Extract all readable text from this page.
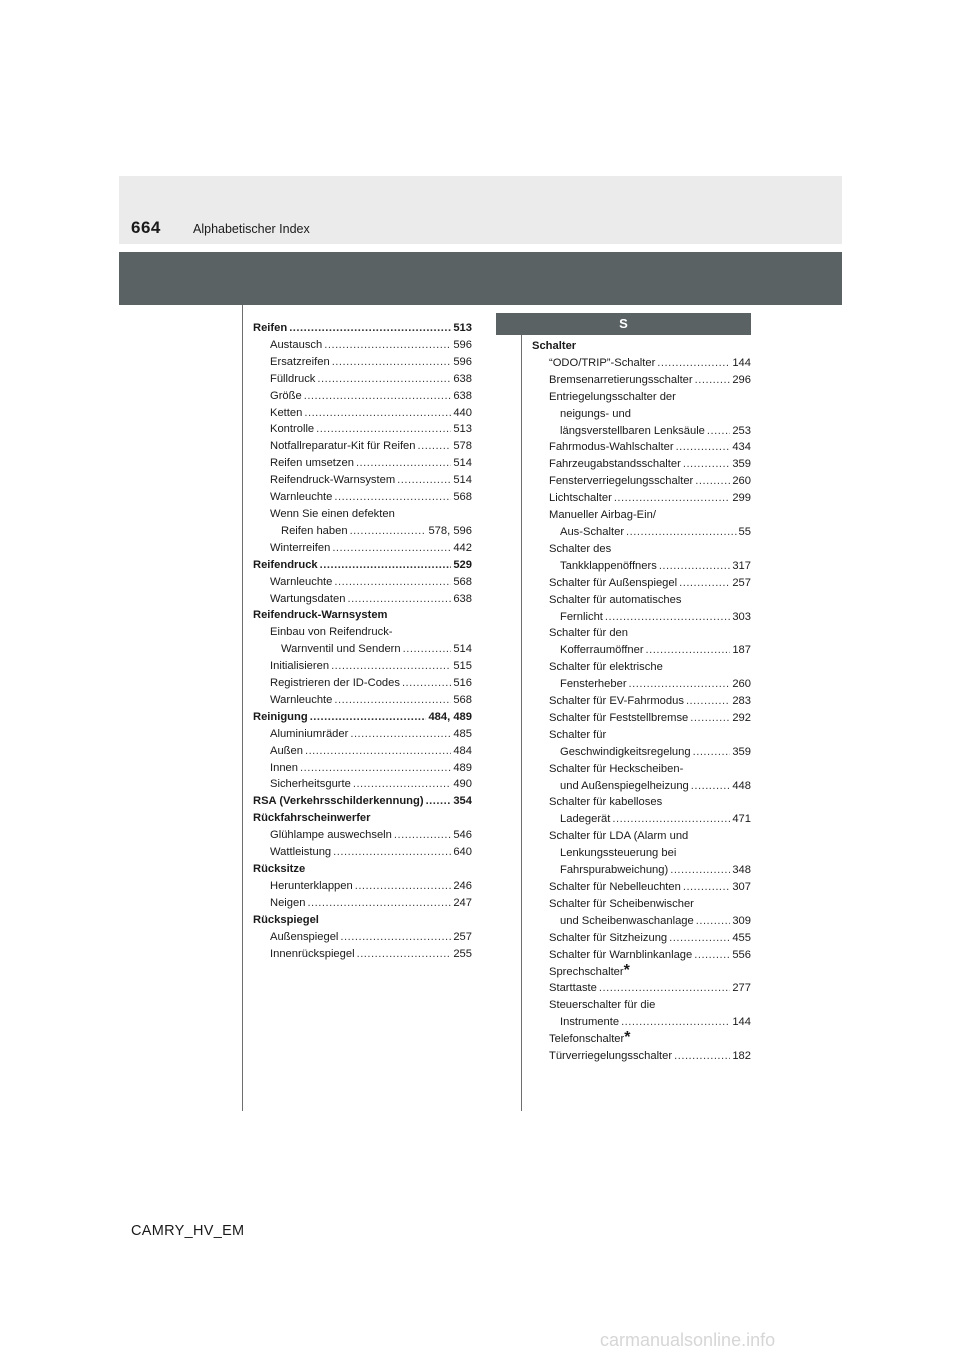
664	Alphabetischer Index
Reifen .....	513
Austausch .....	596
Ersatzreifen .....	596
Fülldruck .....	638
Größe .....	638
Ketten .....	440
Kontrolle .....	513
Notfallreparatur-Kit für Reifen .....	578
Reifen umsetzen .....	514
Reifendruck-Warnsystem .....	514
Warnleuchte .....	568
Wenn Sie einen defekten
Reifen haben .....	578, 596
Winterreifen .....	442
Reifendruck .....	529
Warnleuchte .....	568
Wartungsdaten .....	638
Reifendruck-Warnsystem
Einbau von Reifendruck-
Warnventil und Sendern .....	514
Initialisieren .....	515
Registrieren der ID-Codes .....	516
Warnleuchte .....	568
Reinigung .....	484, 489
Aluminiumräder .....	485
Außen .....	484
Innen .....	489
Sicherheitsgurte .....	490
RSA (Verkehrsschilderkennung) .....	354
Rückfahrscheinwerfer
Glühlampe auswechseln .....	546
Wattleistung .....	640
Rücksitze
Herunterklappen .....	246
Neigen .....	247
Rückspiegel
Außenspiegel .....	257
Innenrückspiegel .....	255
S
Schalter
“ODO/TRIP”-Schalter .....	144
Bremsenarretierungsschalter .....	296
Entriegelungsschalter der
neigungs- und
längsverstellbaren Lenksäule ..... 253
Fahrmodus-Wahlschalter .....	434
Fahrzeugabstandsschalter .....	359
Fensterverriegelungsschalter .....	260
Lichtschalter .....	299
Manueller Airbag-Ein/
Aus-Schalter .....	55
Schalter des
Tankklappenöffners .....	317
Schalter für Außenspiegel .....	257
Schalter für automatisches
Fernlicht .....	303
Schalter für den
Kofferraumöffner .....	187
Schalter für elektrische
Fensterheber .....	260
Schalter für EV-Fahrmodus .....	283
Schalter für Feststellbremse .....	292
Schalter für
Geschwindigkeitsregelung .....	359
Schalter für Heckscheiben-
und Außenspiegelheizung .....	448
Schalter für kabelloses
Ladegerät .....	471
Schalter für LDA (Alarm und
Lenkungssteuerung bei
Fahrspurabweichung) .....	348
Schalter für Nebelleuchten .....	307
Schalter für Scheibenwischer
und Scheibenwaschanlage .....	309
Schalter für Sitzheizung .....	455
Schalter für Warnblinkanlage .....	556
Sprechschalter *
Starttaste .....	277
Steuerschalter für die
Instrumente .....	144
Telefonschalter *
Türverriegelungsschalter .....	182
CAMRY_HV_EM
carmanualsonline.info
